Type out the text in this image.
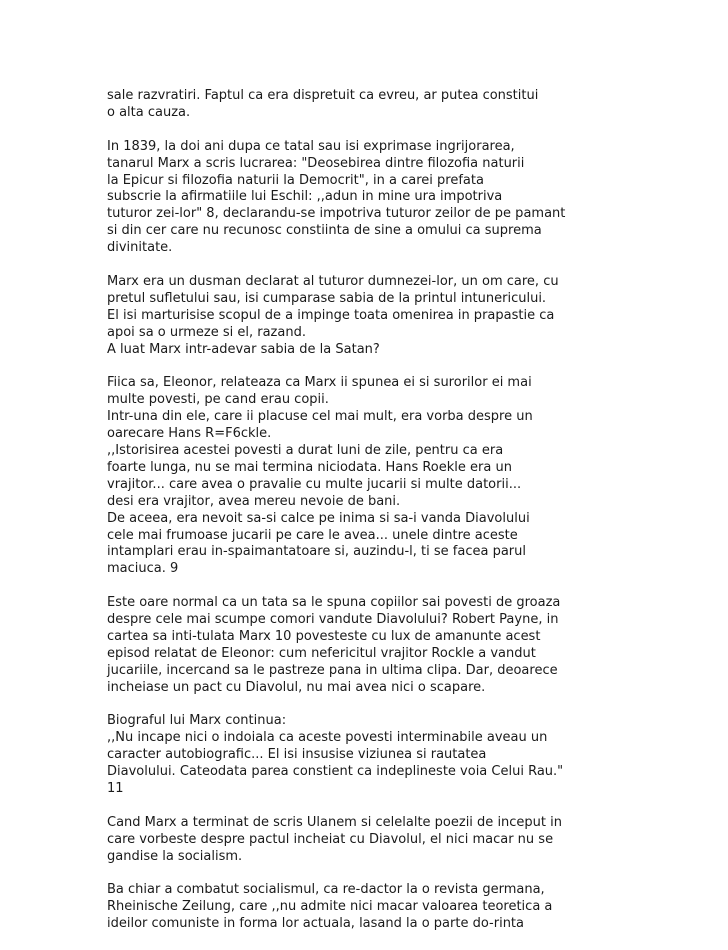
sale razvratiri. Faptul ca era dispretuit ca evreu, ar putea constitui
o alta cauza.

In 1839, la doi ani dupa ce tatal sau isi exprimase ingrijorarea,
tanarul Marx a scris lucrarea: "Deosebirea dintre filozofia naturii
la Epicur si filozofia naturii la Democrit", in a carei prefata
subscrie la afirmatiile lui Eschil: ,,adun in mine ura impotriva
tuturor zei-lor" 8, declarandu-se impotriva tuturor zeilor de pe pamant
si din cer care nu recunosc constiinta de sine a omului ca suprema
divinitate.

Marx era un dusman declarat al tuturor dumnezei-lor, un om care, cu
pretul sufletului sau, isi cumparase sabia de la printul intunericului.
El isi marturisise scopul de a impinge toata omenirea in prapastie ca
apoi sa o urmeze si el, razand.
A luat Marx intr-adevar sabia de la Satan?

Fiica sa, Eleonor, relateaza ca Marx ii spunea ei si surorilor ei mai
multe povesti, pe cand erau copii.
Intr-una din ele, care ii placuse cel mai mult, era vorba despre un
oarecare Hans R=F6ckle.
,,Istorisirea acestei povesti a durat luni de zile, pentru ca era
foarte lunga, nu se mai termina niciodata. Hans Roekle era un
vrajitor... care avea o pravalie cu multe jucarii si multe datorii...
desi era vrajitor, avea mereu nevoie de bani.
De aceea, era nevoit sa-si calce pe inima si sa-i vanda Diavolului
cele mai frumoase jucarii pe care le avea... unele dintre aceste
intamplari erau in-spaimantatoare si, auzindu-l, ti se facea parul
maciuca. 9

Este oare normal ca un tata sa le spuna copiilor sai povesti de groaza
despre cele mai scumpe comori vandute Diavolului? Robert Payne, in
cartea sa inti-tulata Marx 10 povesteste cu lux de amanunte acest
episod relatat de Eleonor: cum nefericitul vrajitor Rockle a vandut
jucariile, incercand sa le pastreze pana in ultima clipa. Dar, deoarece
incheiase un pact cu Diavolul, nu mai avea nici o scapare.

Biograful lui Marx continua:
,,Nu incape nici o indoiala ca aceste povesti interminabile aveau un
caracter autobiografic... El isi insusise viziunea si rautatea
Diavolului. Cateodata parea constient ca indeplineste voia Celui Rau."
11

Cand Marx a terminat de scris Ulanem si celelalte poezii de inceput in
care vorbeste despre pactul incheiat cu Diavolul, el nici macar nu se
gandise la socialism.

Ba chiar a combatut socialismul, ca re-dactor la o revista germana,
Rheinische Zeilung, care ,,nu admite nici macar valoarea teoretica a
ideilor comuniste in forma lor actuala, lasand la o parte do-rinta
